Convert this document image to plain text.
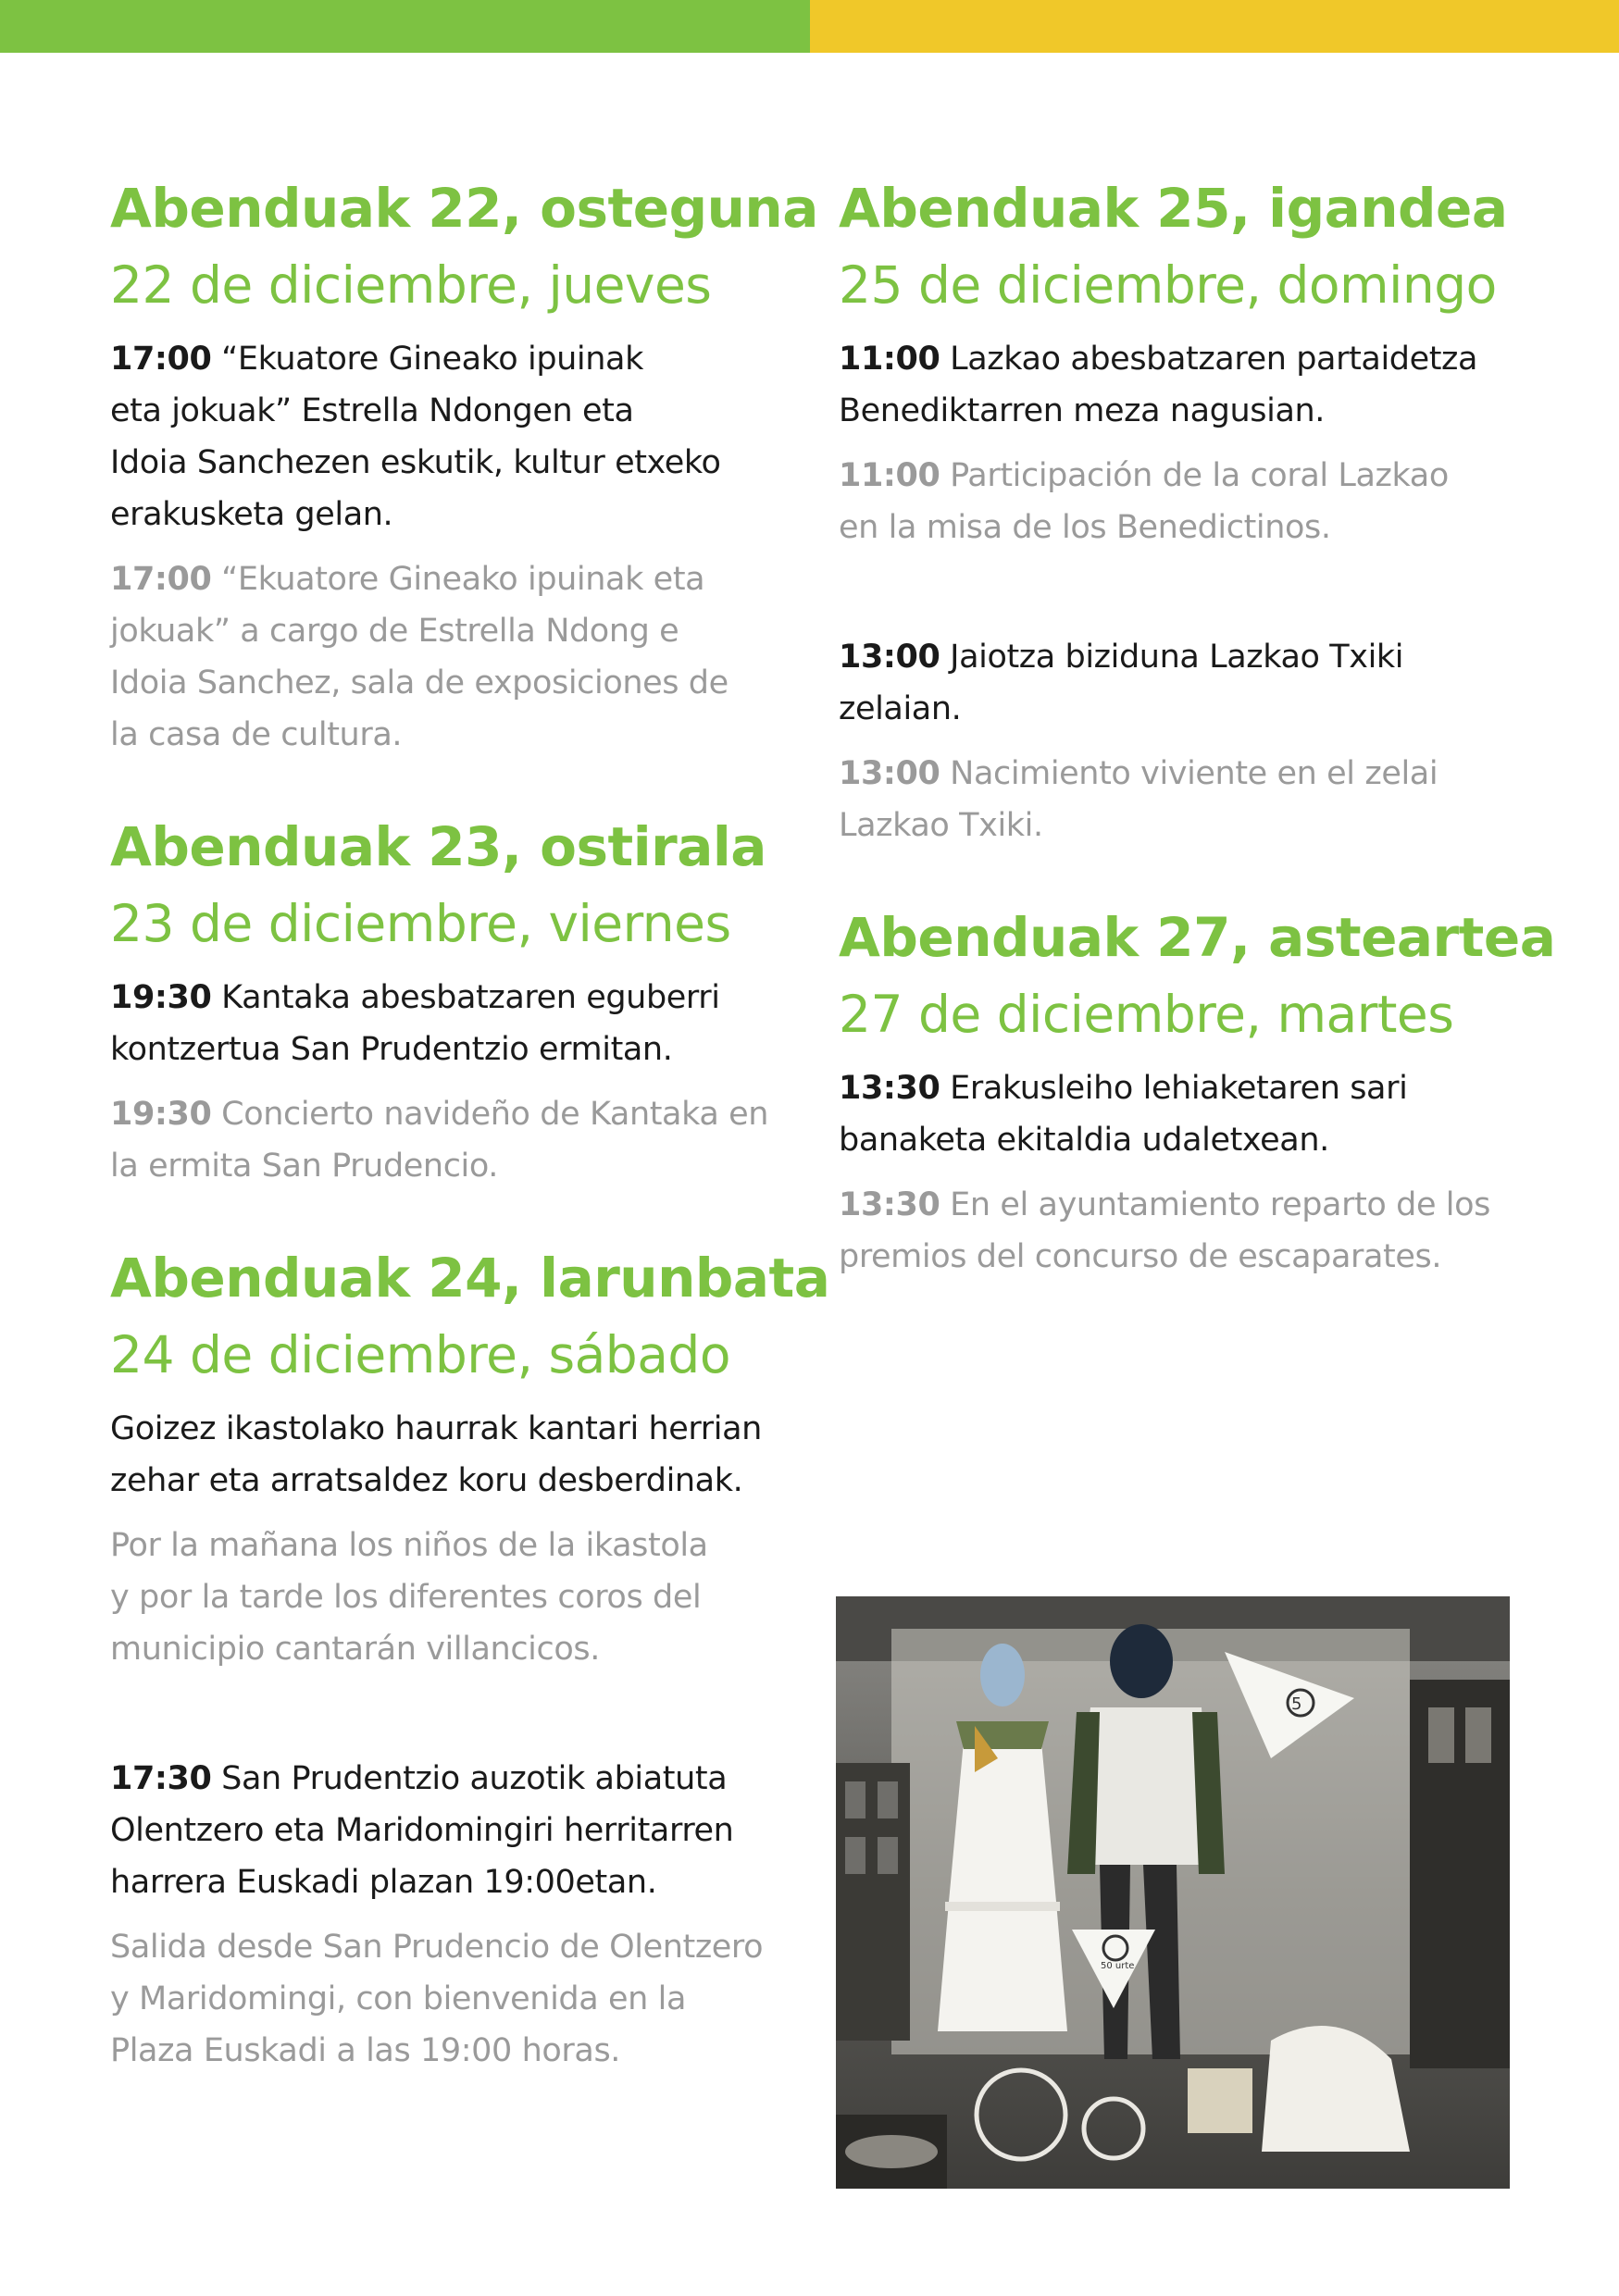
Abenduak 22, osteguna
22 de diciembre, jueves

17:00 “Ekuatore Gineako ipuinak

eta jokuak” Estrella Ndongen eta

Idoia Sanchezen eskutik, kultur etxeko

erakusketa gelan.

17:00 “Ekuatore Gineako ipuinak eta

jokuak” a cargo de Estrella Ndong e

Idoia Sanchez, sala de exposiciones de

la casa de cultura.

Abenduak 23, ostirala
23 de diciembre, viernes

19:30 Kantaka abesbatzaren eguberri

kontzertua San Prudentzio ermitan.

19:30 Concierto navideño de Kantaka en

la ermita San Prudencio.

Abenduak 24, larunbata
24 de diciembre, sábado

Goizez ikastolako haurrak kantari herrian

zehar eta arratsaldez koru desberdinak.

Por la mañana los niños de la ikastola

y por la tarde los diferentes coros del

municipio cantarán villancicos.

17:30 San Prudentzio auzotik abiatuta

Olentzero eta Maridomingiri herritarren

harrera Euskadi plazan 19:00etan.

Salida desde San Prudencio de Olentzero

y Maridomingi, con bienvenida en la

Plaza Euskadi a las 19:00 horas.

Abenduak 25, igandea
25 de diciembre, domingo

11:00 Lazkao abesbatzaren partaidetza

Benediktarren meza nagusian.

11:00 Participación de la coral Lazkao

en la misa de los Benedictinos.

13:00 Jaiotza biziduna Lazkao Txiki

zelaian.

13:00 Nacimiento viviente en el zelai

Lazkao Txiki.

Abenduak 27, asteartea
27 de diciembre, martes

13:30 Erakusleiho lehiaketaren sari

banaketa ekitaldia udaletxean.

13:30 En el ayuntamiento reparto de los

premios del concurso de escaparates.

5
50 urte
